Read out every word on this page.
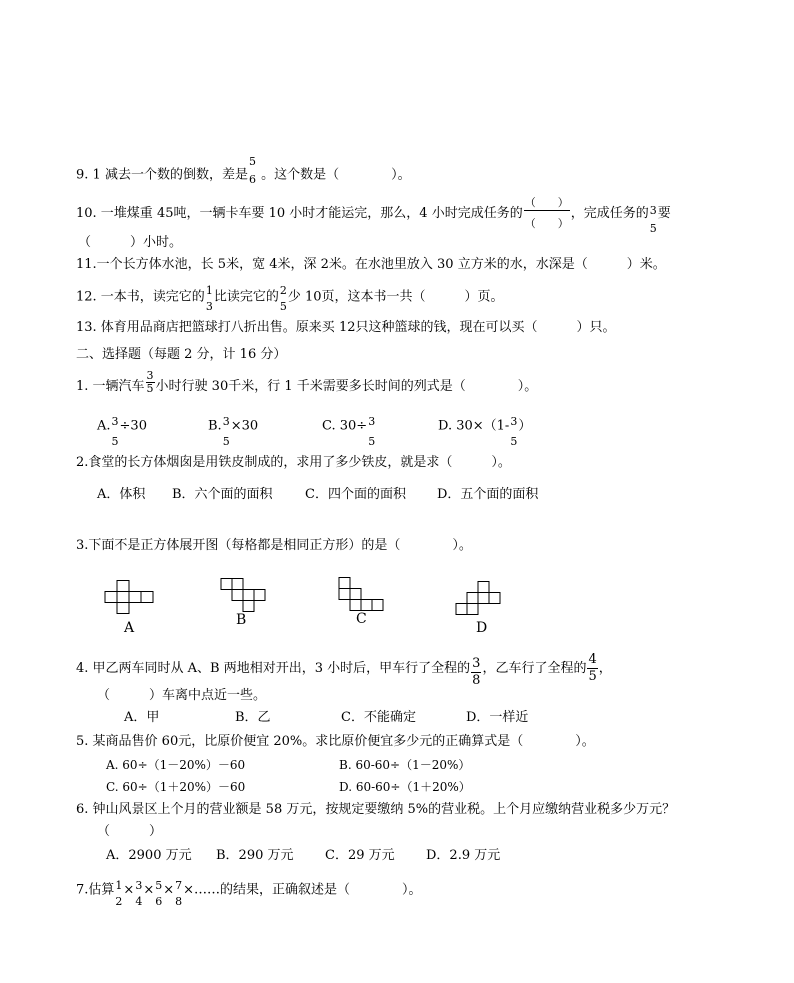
9. 1 减去一个数的倒数，差是
5
6 。这个数是（　　　　）。
10. 一堆煤重 45吨，一辆卡车要 10 小时才能运完，那么，4 小时完成任务的 $\frac{( )}{( )}$ ，完成任务的 3
5
要
（　　　）小时。
11.一个长方体水池，长 5米，宽 4米，深 2米。在水池里放入 30 立方米的水，水深是（　　　）米。
12. 一本书，读完它的 1
3
比读完它的 2
5
少 10页，这本书一共（　　　）页。
13. 体育用品商店把篮球打八折出售。原来买 12只这种篮球的钱，现在可以买（　　　）只。
二、选择题（每题 2 分，计 16 分）
1. 一辆汽车 $\frac{3}{5}$ 小时行驶 30千米，行 1 千米需要多长时间的列式是（　　　　）。
A. 3
5
÷30	B. 3
5
×30	C. 30÷ 3
5
D. 30×（1- 3
5
）
2.食堂的长方体烟囱是用铁皮制成的，求用了多少铁皮，就是求（　　　）。
A．体积 B．六个面的面积 C．四个面的面积 D．五个面的面积
3.下面不是正方体展开图（每格都是相同正方形）的是（　　　　）。
A	B	C
D
4. 甲乙两车同时从 A、B 两地相对开出，3 小时后，甲车行了全程的 $\frac{3}{8}$ ，乙车行了全程的 $\frac{4}{5}$ ，
（　　　）车离中点近一些。
A．甲	B．乙	C．不能确定	D．一样近
5. 某商品售价 60元，比原价便宜 20%。求比原价便宜多少元的正确算式是（　　　　）。
A. 60÷（1－20%）－60	B. 60-60÷（1－20%）
C. 60÷（1＋20%）－60	D. 60-60÷（1＋20%）
6. 钟山风景区上个月的营业额是 58 万元，按规定要缴纳 5%的营业税。上个月应缴纳营业税多少万元？
（　　　）
A．2900 万元 B．290 万元 C．29 万元 D．2.9 万元
7.估算 1
2
× 3
4
× 5
6
× 7
8
×……的结果，正确叙述是（　　　　）。
